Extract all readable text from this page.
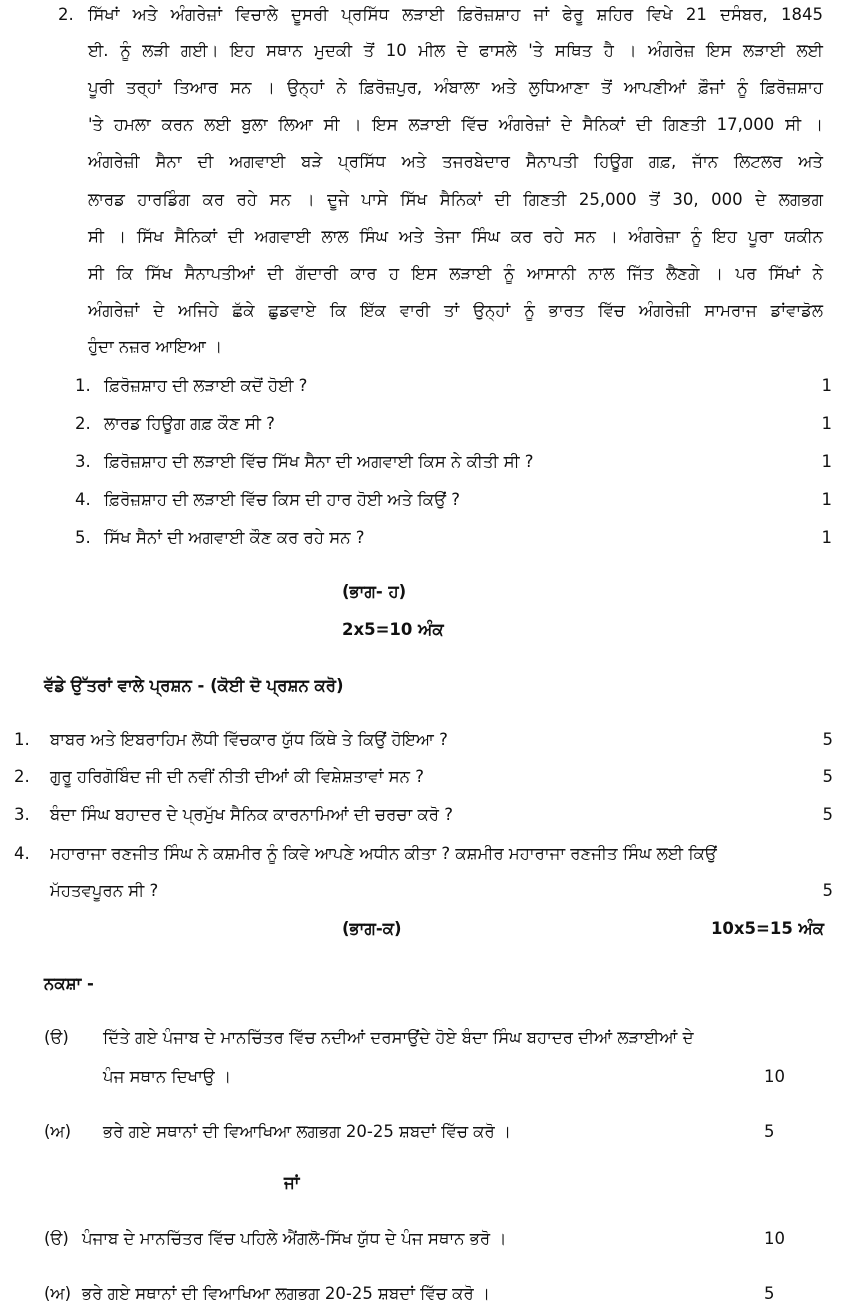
2. ਸਿੱਖਾਂ ਅਤੇ ਅੰਗਰੇਜ਼ਾਂ ਵਿਚਾਲੇ ਦੂਸਰੀ ਪ੍ਰਸਿੱਧ ਲੜਾਈ ਫ਼ਿਰੋਜ਼ਸ਼ਾਹ ਜਾਂ ਫੇਰੂ ਸ਼ਹਿਰ ਵਿਖੇ 21 ਦਸੰਬਰ, 1845
ਈ. ਨੂੰ ਲੜੀ ਗਈ। ਇਹ ਸਥਾਨ ਮੁਦਕੀ ਤੋਂ 10 ਮੀਲ ਦੇ ਫਾਸਲੇ 'ਤੇ ਸਥਿਤ ਹੈ । ਅੰਗਰੇਜ਼ ਇਸ ਲੜਾਈ ਲਈ
ਪੂਰੀ ਤਰ੍ਹਾਂ ਤਿਆਰ ਸਨ । ਉਨ੍ਹਾਂ ਨੇ ਫ਼ਿਰੋਜ਼ਪੁਰ, ਅੰਬਾਲਾ ਅਤੇ ਲੁਧਿਆਣਾ ਤੋਂ ਆਪਣੀਆਂ ਫ਼ੌਜਾਂ ਨੂੰ ਫ਼ਿਰੋਜ਼ਸ਼ਾਹ
'ਤੇ ਹਮਲਾ ਕਰਨ ਲਈ ਬੁਲਾ ਲਿਆ ਸੀ । ਇਸ ਲੜਾਈ ਵਿੱਚ ਅੰਗਰੇਜ਼ਾਂ ਦੇ ਸੈਨਿਕਾਂ ਦੀ ਗਿਣਤੀ 17,000 ਸੀ ।
ਅੰਗਰੇਜ਼ੀ ਸੈਨਾ ਦੀ ਅਗਵਾਈ ਬੜੇ ਪ੍ਰਸਿੱਧ ਅਤੇ ਤਜਰਬੇਦਾਰ ਸੈਨਾਪਤੀ ਹਿਊਗ ਗਫ਼, ਜਾੱਨ ਲਿਟਲਰ ਅਤੇ
ਲਾਰਡ ਹਾਰਡਿੰਗ ਕਰ ਰਹੇ ਸਨ । ਦੂਜੇ ਪਾਸੇ ਸਿੱਖ ਸੈਨਿਕਾਂ ਦੀ ਗਿਣਤੀ 25,000 ਤੋਂ 30, 000 ਦੇ ਲਗਭਗ
ਸੀ । ਸਿੱਖ ਸੈਨਿਕਾਂ ਦੀ ਅਗਵਾਈ ਲਾਲ ਸਿੰਘ ਅਤੇ ਤੇਜਾ ਸਿੰਘ ਕਰ ਰਹੇ ਸਨ । ਅੰਗਰੇਜ਼ਾ ਨੂੰ ਇਹ ਪੂਰਾ ਯਕੀਨ
ਸੀ ਕਿ ਸਿੱਖ ਸੈਨਾਪਤੀਆਂ ਦੀ ਗੱਦਾਰੀ ਕਾਰ ਹ ਇਸ ਲੜਾਈ ਨੂੰ ਆਸਾਨੀ ਨਾਲ ਜਿੱਤ ਲੈਣਗੇ । ਪਰ ਸਿੱਖਾਂ ਨੇ
ਅੰਗਰੇਜ਼ਾਂ ਦੇ ਅਜਿਹੇ ਛੱਕੇ ਛੁਡਵਾਏ ਕਿ ਇੱਕ ਵਾਰੀ ਤਾਂ ਉਨ੍ਹਾਂ ਨੂੰ ਭਾਰਤ ਵਿੱਚ ਅੰਗਰੇਜ਼ੀ ਸਾਮਰਾਜ ਡਾਂਵਾਡੋਲ
ਹੁੰਦਾ ਨਜ਼ਰ ਆਇਆ ।
1. ਫ਼ਿਰੋਜ਼ਸ਼ਾਹ ਦੀ ਲੜਾਈ ਕਦੋਂ ਹੋਈ ?	1
2. ਲਾਰਡ ਹਿਊਗ ਗਫ਼ ਕੌਣ ਸੀ ?	1
3. ਫ਼ਿਰੋਜ਼ਸ਼ਾਹ ਦੀ ਲੜਾਈ ਵਿੱਚ ਸਿੱਖ ਸੈਨਾ ਦੀ ਅਗਵਾਈ ਕਿਸ ਨੇ ਕੀਤੀ ਸੀ ?	1
4. ਫ਼ਿਰੋਜ਼ਸ਼ਾਹ ਦੀ ਲੜਾਈ ਵਿੱਚ ਕਿਸ ਦੀ ਹਾਰ ਹੋਈ ਅਤੇ ਕਿਉਂ ?	1
5. ਸਿੱਖ ਸੈਨਾਂ ਦੀ ਅਗਵਾਈ ਕੌਣ ਕਰ ਰਹੇ ਸਨ ?	1
(ਭਾਗ- ਹ)
2x5=10 ਅੰਕ
ਵੱਡੇ ਉੱਤਰਾਂ ਵਾਲੇ ਪ੍ਰਸ਼ਨ - (ਕੋਈ ਦੋ ਪ੍ਰਸ਼ਨ ਕਰੋ)
1. ਬਾਬਰ ਅਤੇ ਇਬਰਾਹਿਮ ਲੋਧੀ ਵਿੱਚਕਾਰ ਯੁੱਧ ਕਿੱਥੇ ਤੇ ਕਿਉਂ ਹੋਇਆ ?	5
2. ਗੁਰੂ ਹਰਿਗੋਬਿੰਦ ਜੀ ਦੀ ਨਵੀਂ ਨੀਤੀ ਦੀਆਂ ਕੀ ਵਿਸ਼ੇਸ਼ਤਾਵਾਂ ਸਨ ?	5
3. ਬੰਦਾ ਸਿੰਘ ਬਹਾਦਰ ਦੇ ਪ੍ਰਮੁੱਖ ਸੈਨਿਕ ਕਾਰਨਾਮਿਆਂ ਦੀ ਚਰਚਾ ਕਰੋ ?	5
4. ਮਹਾਰਾਜਾ ਰਣਜੀਤ ਸਿੰਘ ਨੇ ਕਸ਼ਮੀਰ ਨੂੰ ਕਿਵੇ ਆਪਣੇ ਅਧੀਨ ਕੀਤਾ ? ਕਸ਼ਮੀਰ ਮਹਾਰਾਜਾ ਰਣਜੀਤ ਸਿੰਘ ਲਈ ਕਿਉਂ
ਮੱਹਤਵਪੂਰਨ ਸੀ ?	5
(ਭਾਗ-ਕ)	10x5=15 ਅੰਕ
ਨਕਸ਼ਾ -
(ੳ) ਦਿੱਤੇ ਗਏ ਪੰਜਾਬ ਦੇ ਮਾਨਚਿੱਤਰ ਵਿੱਚ ਨਦੀਆਂ ਦਰਸਾਉਂਦੇ ਹੋਏ ਬੰਦਾ ਸਿੰਘ ਬਹਾਦਰ ਦੀਆਂ ਲੜਾਈਆਂ ਦੇ
ਪੰਜ ਸਥਾਨ ਦਿਖਾਉ ।	10
(ਅ) ਭਰੇ ਗਏ ਸਥਾਨਾਂ ਦੀ ਵਿਆਖਿਆ ਲਗਭਗ 20-25 ਸ਼ਬਦਾਂ ਵਿੱਚ ਕਰੋ ।	5
ਜਾਂ
(ੳ) ਪੰਜਾਬ ਦੇ ਮਾਨਚਿੱਤਰ ਵਿੱਚ ਪਹਿਲੇ ਐਂਗਲੋ-ਸਿੱਖ ਯੁੱਧ ਦੇ ਪੰਜ ਸਥਾਨ ਭਰੋ ।	10
(ਅ) ਭਰੇ ਗਏ ਸਥਾਨਾਂ ਦੀ ਵਿਆਖਿਆ ਲਗਭਗ 20-25 ਸ਼ਬਦਾਂ ਵਿੱਚ ਕਰੋ ।	5
